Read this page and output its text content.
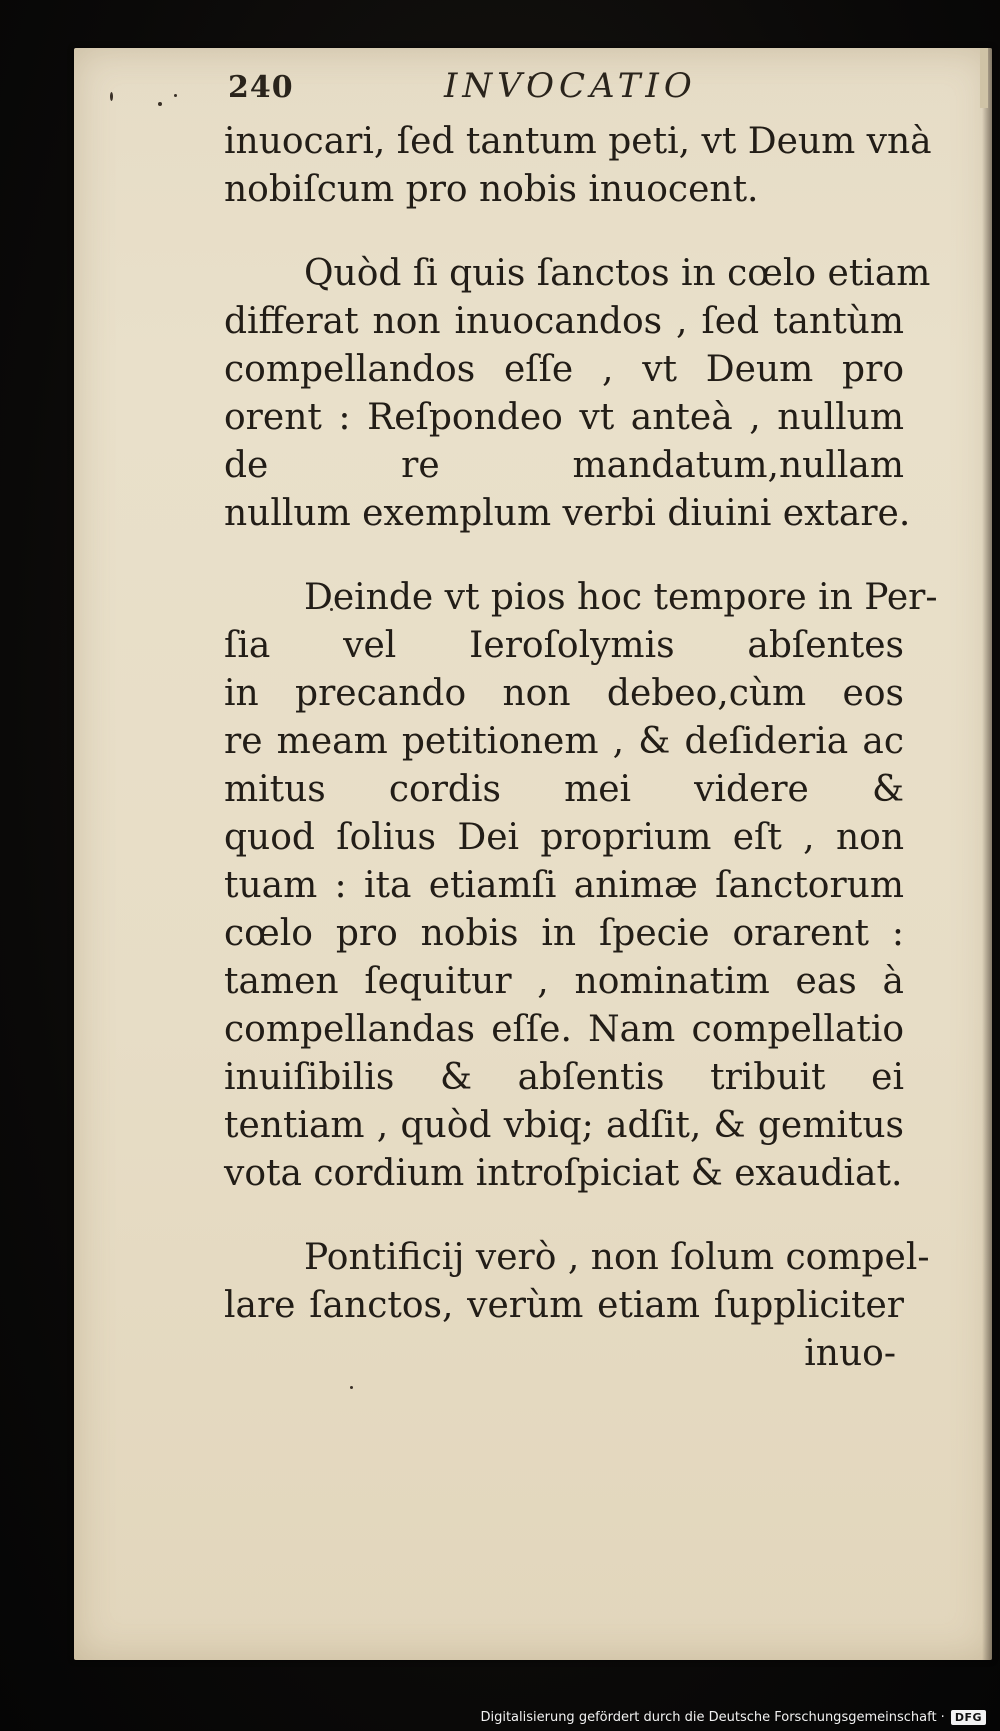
240	INVOCATIO
inuocari, ſed tantum peti, vt Deum vnà
nobiſcum pro nobis inuocent.
Quòd ſi quis ſanctos in cœlo etiam
differat non inuocandos , ſed tantùm
compellandos eſſe , vt Deum pro
orent : Reſpondeo vt anteà , nullum
de re mandatum,nullam
nullum exemplum verbi diuini extare.
Deinde vt pios hoc tempore in Per-
ſia vel Ieroſolymis abſentes
in precando non debeo,cùm eos
re meam petitionem , & deſideria ac
mitus cordis mei videre &
quod ſolius Dei proprium eſt , non
tuam : ita etiamſi animæ ſanctorum
cœlo pro nobis in ſpecie orarent :
tamen ſequitur , nominatim eas à
compellandas eſſe. Nam compellatio
inuiſibilis & abſentis tribuit ei
tentiam , quòd vbiq; adſit, & gemitus
vota cordium introſpiciat & exaudiat.
Pontificij verò , non ſolum compel-
lare ſanctos, verùm etiam ſuppliciter
inuo-
Digitalisierung gefördert durch die Deutsche Forschungsgemeinschaft · DFG
